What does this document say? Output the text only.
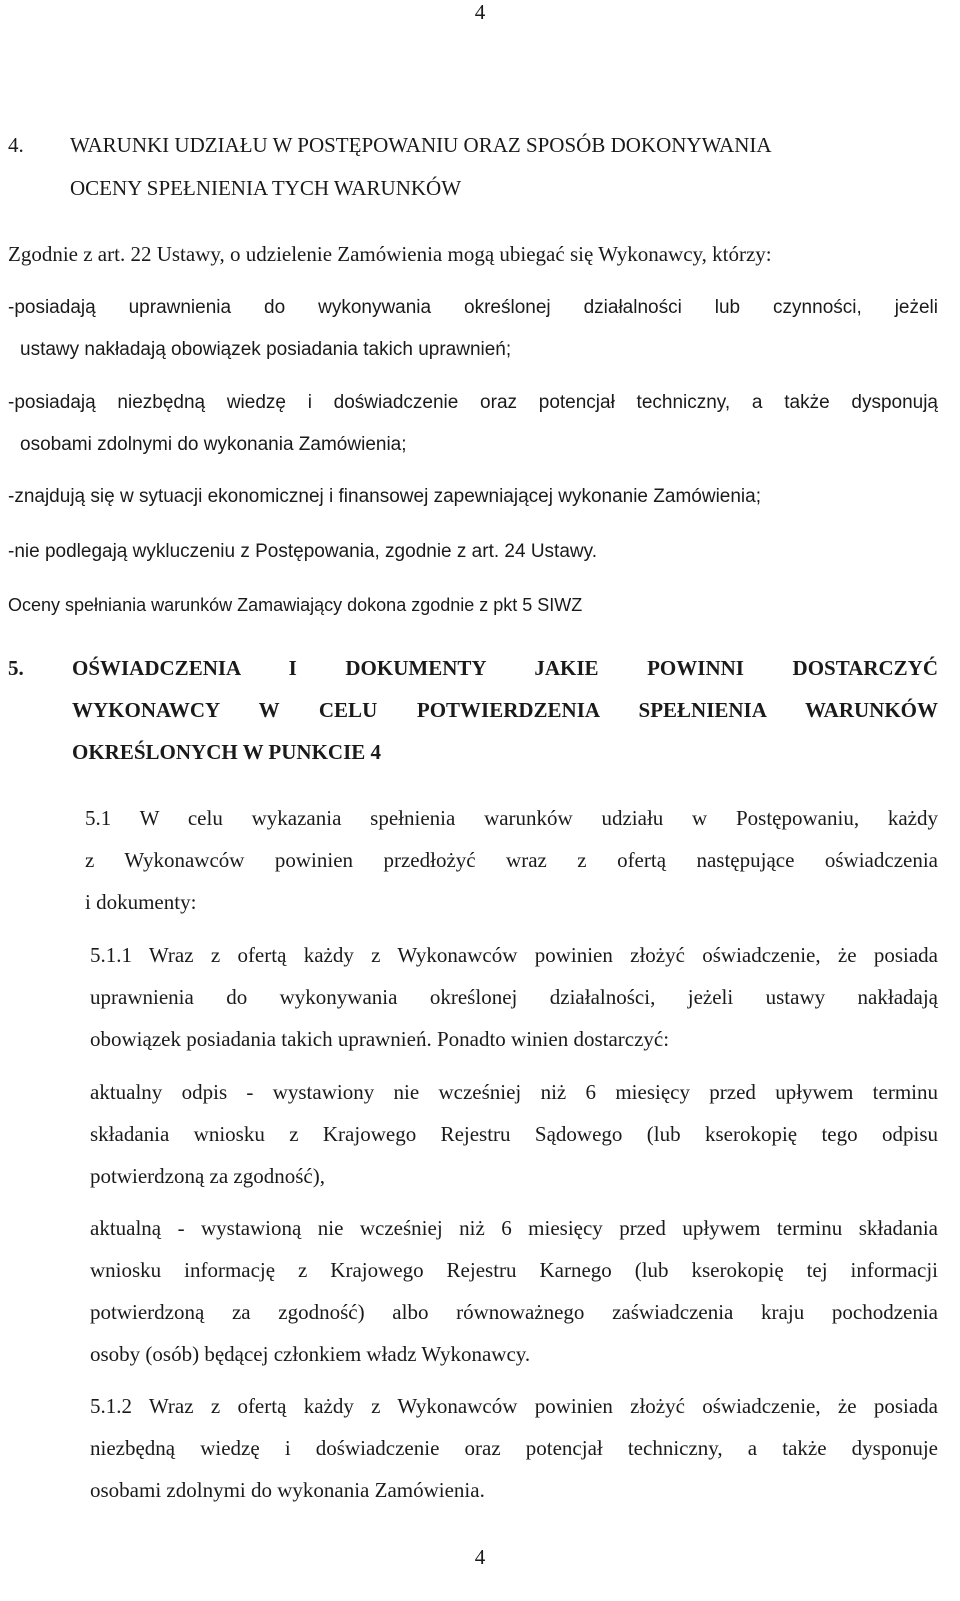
4
4. WARUNKI UDZIAŁU W POSTĘPOWANIU ORAZ SPOSÓB DOKONYWANIA
OCENY SPEŁNIENIA TYCH WARUNKÓW
Zgodnie z art. 22 Ustawy, o udzielenie Zamówienia mogą ubiegać się Wykonawcy, którzy:
-posiadają uprawnienia do wykonywania określonej działalności lub czynności, jeżeli
ustawy nakładają obowiązek posiadania takich uprawnień;
-posiadają niezbędną wiedzę i doświadczenie oraz potencjał techniczny, a także dysponują
osobami zdolnymi do wykonania Zamówienia;
-znajdują się w sytuacji ekonomicznej i finansowej zapewniającej wykonanie Zamówienia;
-nie podlegają wykluczeniu z Postępowania, zgodnie z art. 24 Ustawy.
Oceny spełniania warunków Zamawiający dokona zgodnie z pkt 5 SIWZ
5. OŚWIADCZENIA I DOKUMENTY JAKIE POWINNI DOSTARCZYĆ
WYKONAWCY W CELU POTWIERDZENIA SPEŁNIENIA WARUNKÓW
OKREŚLONYCH W PUNKCIE 4
5.1 W celu wykazania spełnienia warunków udziału w Postępowaniu, każdy
z Wykonawców powinien przedłożyć wraz z ofertą następujące oświadczenia
i dokumenty:
5.1.1 Wraz z ofertą każdy z Wykonawców powinien złożyć oświadczenie, że posiada
uprawnienia do wykonywania określonej działalności, jeżeli ustawy nakładają
obowiązek posiadania takich uprawnień. Ponadto winien dostarczyć:
aktualny odpis - wystawiony nie wcześniej niż 6 miesięcy przed upływem terminu
składania wniosku z Krajowego Rejestru Sądowego (lub kserokopię tego odpisu
potwierdzoną za zgodność),
aktualną - wystawioną nie wcześniej niż 6 miesięcy przed upływem terminu składania
wniosku informację z Krajowego Rejestru Karnego (lub kserokopię tej informacji
potwierdzoną za zgodność) albo równoważnego zaświadczenia kraju pochodzenia
osoby (osób) będącej członkiem władz Wykonawcy.
5.1.2 Wraz z ofertą każdy z Wykonawców powinien złożyć oświadczenie, że posiada
niezbędną wiedzę i doświadczenie oraz potencjał techniczny, a także dysponuje
osobami zdolnymi do wykonania Zamówienia.
4
